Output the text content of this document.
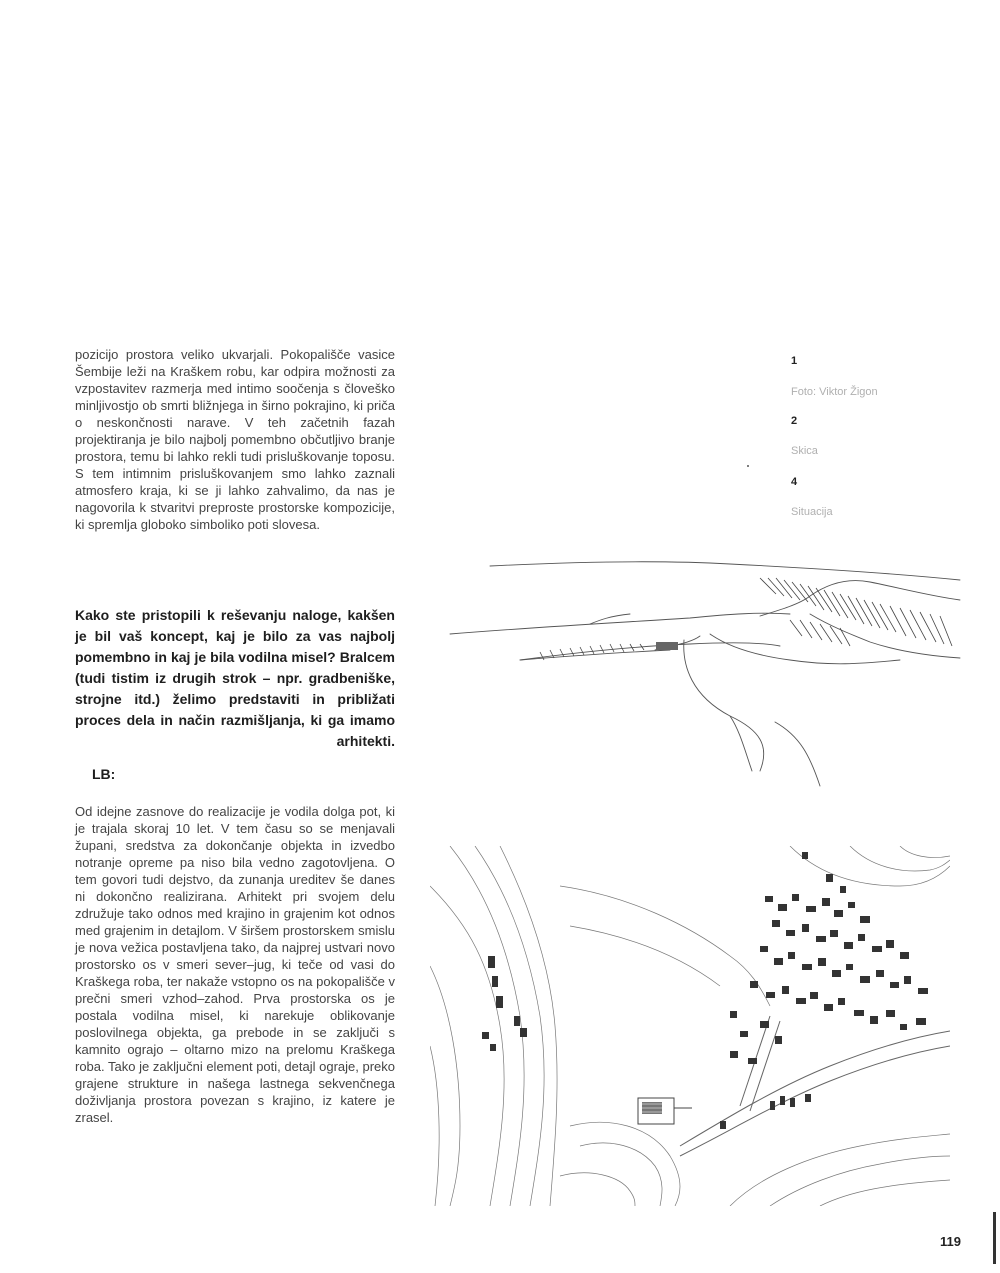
pozicijo prostora veliko ukvarjali. Pokopališče vasice Šembije leži na Kraškem robu, kar odpira možnosti za vzpostavitev razmerja med intimo soočenja s človeško minljivostjo ob smrti bližnjega in širno pokrajino, ki priča o neskončnosti narave. V teh začetnih fazah projektiranja je bilo najbolj pomembno občutljivo branje prostora, temu bi lahko rekli tudi prisluškovanje toposu. S tem intimnim prisluškovanjem smo lahko zaznali atmosfero kraja, ki se ji lahko zahvalimo, da nas je nagovorila k stvaritvi preproste prostorske kompozicije, ki spremlja globoko simboliko poti slovesa.

Kako ste pristopili k reševanju naloge, kakšen je bil vaš koncept, kaj je bilo za vas najbolj pomembno in kaj je bila vodilna misel? Bralcem (tudi tistim iz drugih strok – npr. gradbeniške, strojne itd.) želimo predstaviti in približati proces dela in način razmišljanja, ki ga imamo arhitekti.

LB:

Od idejne zasnove do realizacije je vodila dolga pot, ki je trajala skoraj 10 let. V tem času so se menjavali župani, sredstva za dokončanje objekta in izvedbo notranje opreme pa niso bila vedno zagotovljena. O tem govori tudi dejstvo, da zunanja ureditev še danes ni dokončno realizirana. Arhitekt pri svojem delu združuje tako odnos med krajino in grajenim kot odnos med grajenim in detajlom. V širšem prostorskem smislu je nova vežica postavljena tako, da najprej ustvari novo prostorsko os v smeri sever–jug, ki teče od vasi do Kraškega roba, ter nakaže vstopno os na pokopališče v prečni smeri vzhod–zahod. Prva prostorska os je postala vodilna misel, ki narekuje oblikovanje poslovilnega objekta, ga prebode in se zaključi s kamnito ograjo – oltarno mizo na prelomu Kraškega roba. Tako je zaključni element poti, detajl ograje, preko grajene strukture in našega lastnega sekvenčnega doživljanja prostora povezan s krajino, iz katere je zrasel.

1
Foto: Viktor Žigon
2
Skica
4
Situacija
119
